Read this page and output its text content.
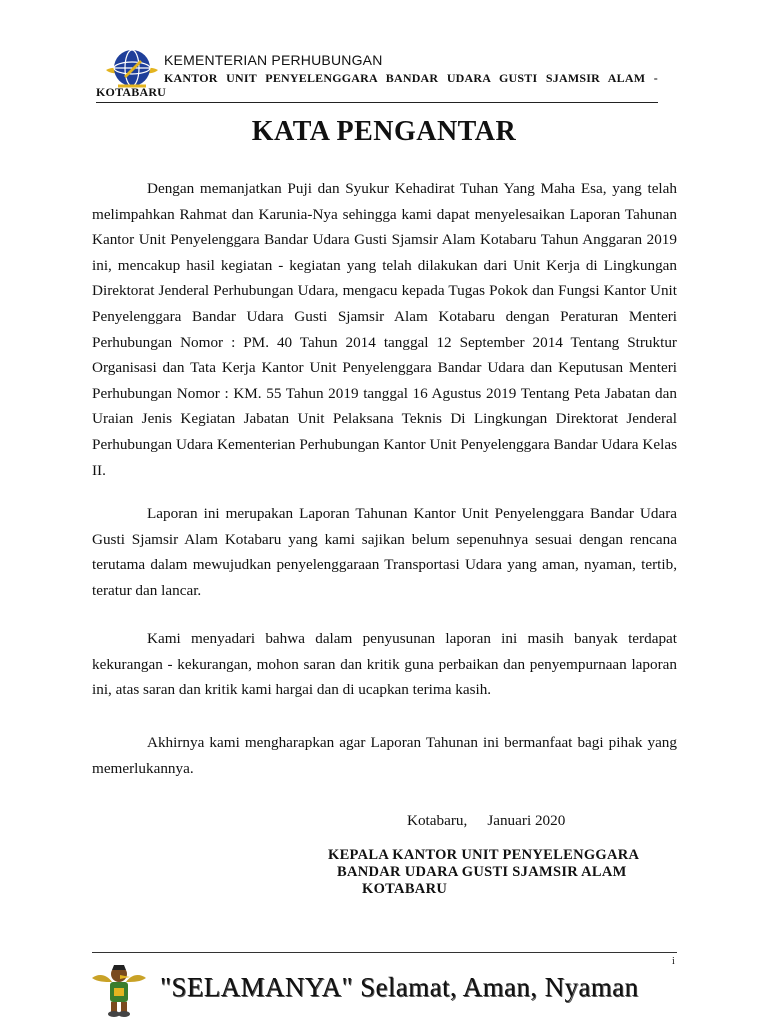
KEMENTERIAN PERHUBUNGAN
KANTOR UNIT PENYELENGGARA BANDAR UDARA GUSTI SJAMSIR ALAM -
KOTABARU
KATA PENGANTAR

Dengan memanjatkan Puji dan Syukur Kehadirat Tuhan Yang Maha Esa, yang telah melimpahkan Rahmat dan Karunia-Nya sehingga kami dapat menyelesaikan Laporan Tahunan Kantor Unit Penyelenggara Bandar Udara Gusti Sjamsir Alam Kotabaru Tahun Anggaran 2019 ini, mencakup hasil kegiatan - kegiatan yang telah dilakukan dari Unit Kerja di Lingkungan Direktorat Jenderal Perhubungan Udara, mengacu kepada Tugas Pokok dan Fungsi Kantor Unit Penyelenggara Bandar Udara Gusti Sjamsir Alam Kotabaru dengan Peraturan Menteri Perhubungan Nomor : PM. 40 Tahun 2014 tanggal 12 September 2014 Tentang Struktur Organisasi dan Tata Kerja Kantor Unit Penyelenggara Bandar Udara dan Keputusan Menteri Perhubungan Nomor : KM. 55 Tahun 2019 tanggal 16 Agustus 2019 Tentang Peta Jabatan dan Uraian Jenis Kegiatan Jabatan Unit Pelaksana Teknis Di Lingkungan Direktorat Jenderal Perhubungan Udara Kementerian Perhubungan Kantor Unit Penyelenggara Bandar Udara Kelas II.

Laporan ini merupakan Laporan Tahunan Kantor Unit Penyelenggara Bandar Udara Gusti Sjamsir Alam Kotabaru yang kami sajikan belum sepenuhnya sesuai dengan rencana terutama dalam mewujudkan penyelenggaraan Transportasi Udara yang aman, nyaman, tertib, teratur dan lancar.

Kami menyadari bahwa dalam penyusunan laporan ini masih banyak terdapat kekurangan - kekurangan, mohon saran dan kritik guna perbaikan dan penyempurnaan laporan ini, atas saran dan kritik kami hargai dan di ucapkan terima kasih.

Akhirnya kami mengharapkan agar Laporan Tahunan ini bermanfaat bagi pihak yang memerlukannya.

Kotabaru, Januari 2020
KEPALA KANTOR UNIT PENYELENGGARA
BANDAR UDARA GUSTI SJAMSIR ALAM
KOTABARU
i
"SELAMANYA" Selamat, Aman, Nyaman
